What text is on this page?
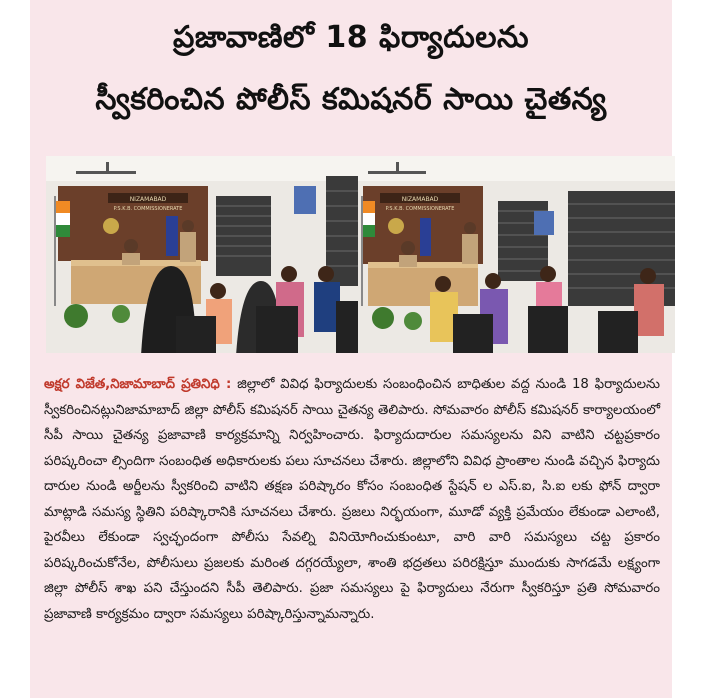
ప్రజావాణిలో 18 ఫిర్యాదులను
స్వీకరించిన పోలీస్ కమిషనర్ సాయి చైతన్య
NIZAMABAD
P.S.K.B. COMMISSIONERATE
NIZAMABAD
P.S.K.B. COMMISSIONERATE
అక్షర విజేత,నిజామాబాద్ ప్రతినిధి : జిల్లాలో వివిధ ఫిర్యాదులకు సంబంధించిన బాధితుల వద్ద నుండి 18 ఫిర్యాదులను స్వీకరించినట్లునిజామాబాద్ జిల్లా పోలీస్ కమిషనర్ సాయి చైతన్య తెలిపారు. సోమవారం పోలీస్ కమిషనర్ కార్యాలయంలో సీపీ సాయి చైతన్య ప్రజావాణి కార్యక్రమాన్ని నిర్వహించారు. ఫిర్యాదుదారుల సమస్యలను విని వాటిని చట్టప్రకారం పరిష్కరించా ల్సిందిగా సంబంధిత అధికారులకు పలు సూచనలు చేశారు. జిల్లాలోని వివిధ ప్రాంతాల నుండి వచ్చిన ఫిర్యాదు దారుల నుండి అర్జీలను స్వీకరించి వాటిని తక్షణ పరిష్కారం కోసం సంబంధిత స్టేషన్ ల ఎస్.ఐ, సి.ఐ లకు ఫోన్ ద్వారా మాట్లాడి సమస్య స్థితిని పరిష్కారానికి సూచనలు చేశారు. ప్రజలు నిర్భయంగా, మూడో వ్యక్తి ప్రమేయం లేకుండా ఎలాంటి, పైరవీలు లేకుండా స్వచ్ఛందంగా పోలీసు సేవల్ని వినియోగించుకుంటూ, వారి వారి సమస్యలు చట్ట ప్రకారం పరిష్కరించుకోనేల, పోలీసులు ప్రజలకు మరింత దగ్గరయ్యేలా, శాంతి భద్రతలు పరిరక్షిస్తూ ముందుకు సాగడమే లక్ష్యంగా జిల్లా పోలీస్ శాఖ పని చేస్తుందని సీపీ తెలిపారు. ప్రజా సమస్యలు పై ఫిర్యాదులు నేరుగా స్వీకరిస్తూ ప్రతి సోమవారం ప్రజావాణి కార్యక్రమం ద్వారా సమస్యలు పరిష్కారిస్తున్నామన్నారు.
